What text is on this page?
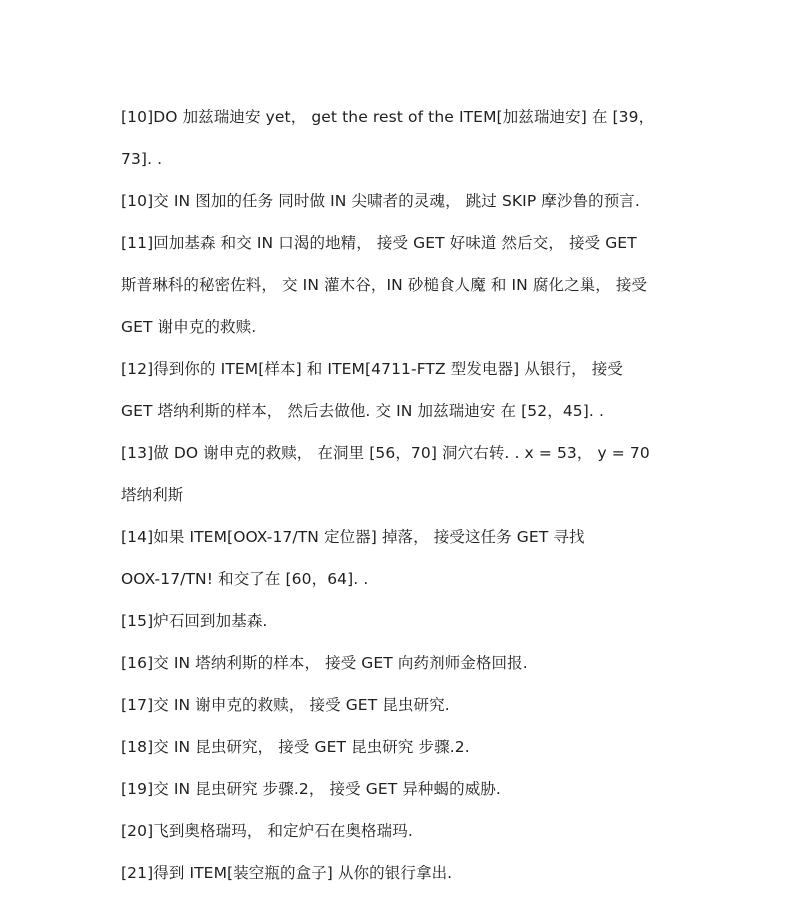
[10]DO 加兹瑞迪安 yet， get the rest of the ITEM[加兹瑞迪安] 在 [39，
73]. .
[10]交 IN 图加的任务 同时做 IN 尖啸者的灵魂， 跳过 SKIP 摩沙鲁的预言.
[11]回加基森 和交 IN 口渴的地精， 接受 GET 好味道 然后交， 接受 GET
斯普琳科的秘密佐料， 交 IN 灌木谷，IN 砂槌食人魔 和 IN 腐化之巢， 接受
GET 谢申克的救赎.
[12]得到你的 ITEM[样本] 和 ITEM[4711-FTZ 型发电器] 从银行， 接受
GET 塔纳利斯的样本， 然后去做他. 交 IN 加兹瑞迪安 在 [52，45]. .
[13]做 DO 谢申克的救赎， 在洞里 [56，70] 洞穴右转. . x = 53， y = 70
塔纳利斯
[14]如果 ITEM[OOX-17/TN 定位器] 掉落， 接受这任务 GET 寻找
OOX-17/TN! 和交了在 [60，64]. .
[15]炉石回到加基森.
[16]交 IN 塔纳利斯的样本， 接受 GET 向药剂师金格回报.
[17]交 IN 谢申克的救赎， 接受 GET 昆虫研究.
[18]交 IN 昆虫研究， 接受 GET 昆虫研究 步骤.2.
[19]交 IN 昆虫研究 步骤.2， 接受 GET 异种蝎的威胁.
[20]飞到奥格瑞玛， 和定炉石在奥格瑞玛.
[21]得到 ITEM[装空瓶的盒子] 从你的银行拿出.
